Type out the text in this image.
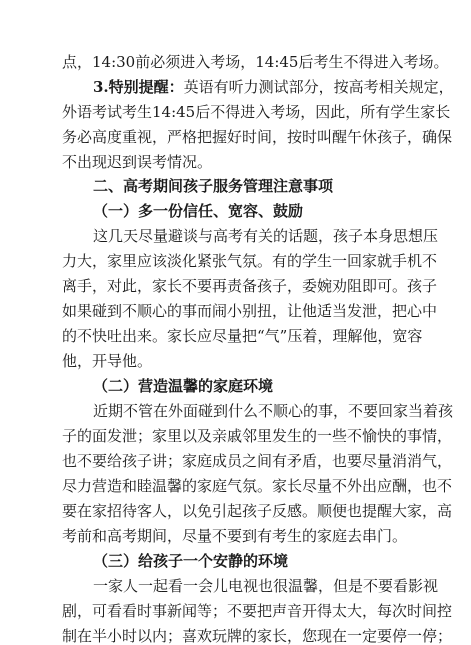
点，14:30前必须进入考场，14:45后考生不得进入考场。
3.特别提醒：英语有听力测试部分，按高考相关规定，
外语考试考生14:45后不得进入考场，因此，所有学生家长
务必高度重视，严格把握好时间，按时叫醒午休孩子，确保
不出现迟到误考情况。
二、高考期间孩子服务管理注意事项
（一）多一份信任、宽容、鼓励
这几天尽量避谈与高考有关的话题，孩子本身思想压
力大，家里应该淡化紧张气氛。有的学生一回家就手机不
离手，对此，家长不要再责备孩子，委婉劝阻即可。孩子
如果碰到不顺心的事而闹小别扭，让他适当发泄，把心中
的不快吐出来。家长应尽量把“气”压着，理解他，宽容
他，开导他。
（二）营造温馨的家庭环境
近期不管在外面碰到什么不顺心的事，不要回家当着孩
子的面发泄；家里以及亲戚邻里发生的一些不愉快的事情，
也不要给孩子讲；家庭成员之间有矛盾，也要尽量消消气，
尽力营造和睦温馨的家庭气氛。家长尽量不外出应酬，也不
要在家招待客人，以免引起孩子反感。顺便也提醒大家，高
考前和高考期间，尽量不要到有考生的家庭去串门。
（三）给孩子一个安静的环境
一家人一起看一会儿电视也很温馨，但是不要看影视
剧，可看看时事新闻等；不要把声音开得太大，每次时间控
制在半小时以内；喜欢玩牌的家长，您现在一定要停一停；
